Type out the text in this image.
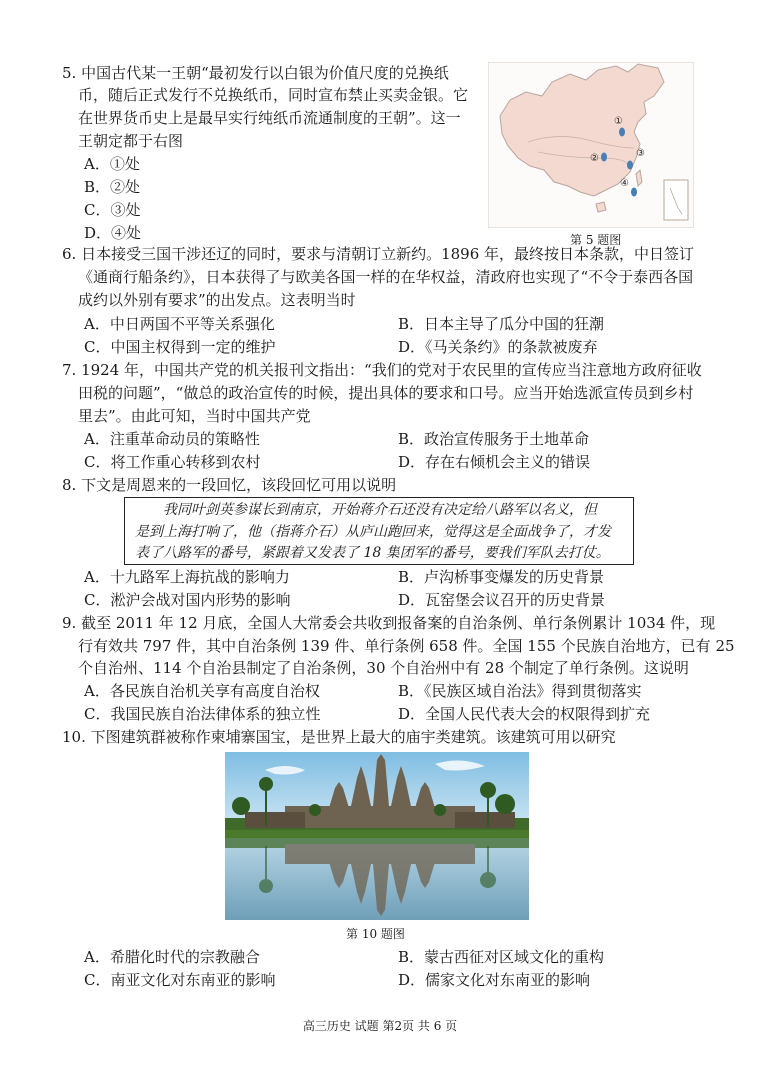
5. 中国古代某一王朝“最初发行以白银为价值尺度的兑换纸
币，随后正式发行不兑换纸币，同时宣布禁止买卖金银。它
在世界货币史上是最早实行纯纸币流通制度的王朝”。这一
王朝定都于右图
A．①处
B．②处
C．③处
D．④处
①
②	③
④
第 5 题图
6. 日本接受三国干涉还辽的同时，要求与清朝订立新约。1896 年，最终按日本条款，中日签订
《通商行船条约》，日本获得了与欧美各国一样的在华权益，清政府也实现了“不令于泰西各国
成约以外别有要求”的出发点。这表明当时
A．中日两国不平等关系强化	B．日本主导了瓜分中国的狂潮
C．中国主权得到一定的维护	D．《马关条约》的条款被废弃
7. 1924 年，中国共产党的机关报刊文指出：“我们的党对于农民里的宣传应当注意地方政府征收
田税的问题”，“做总的政治宣传的时候，提出具体的要求和口号。应当开始选派宣传员到乡村
里去”。由此可知，当时中国共产党
A．注重革命动员的策略性	B．政治宣传服务于土地革命
C．将工作重心转移到农村	D．存在右倾机会主义的错误
8. 下文是周恩来的一段回忆，该段回忆可用以说明
我同叶剑英参谋长到南京，开始蒋介石还没有决定给八路军以名义，但
是到上海打响了，他（指蒋介石）从庐山跑回来，觉得这是全面战争了，才发
表了八路军的番号，紧跟着又发表了 18 集团军的番号，要我们军队去打仗。
A．十九路军上海抗战的影响力	B．卢沟桥事变爆发的历史背景
C．淞沪会战对国内形势的影响	D．瓦窑堡会议召开的历史背景
9. 截至 2011 年 12 月底，全国人大常委会共收到报备案的自治条例、单行条例累计 1034 件，现
行有效共 797 件，其中自治条例 139 件、单行条例 658 件。全国 155 个民族自治地方，已有 25
个自治州、114 个自治县制定了自治条例，30 个自治州中有 28 个制定了单行条例。这说明
A．各民族自治机关享有高度自治权	B．《民族区域自治法》得到贯彻落实
C．我国民族自治法律体系的独立性	D．全国人民代表大会的权限得到扩充
10. 下图建筑群被称作柬埔寨国宝，是世界上最大的庙宇类建筑。该建筑可用以研究
第 10 题图
A．希腊化时代的宗教融合	B．蒙古西征对区域文化的重构
C．南亚文化对东南亚的影响	D．儒家文化对东南亚的影响
高三历史 试题 第2页 共 6 页
